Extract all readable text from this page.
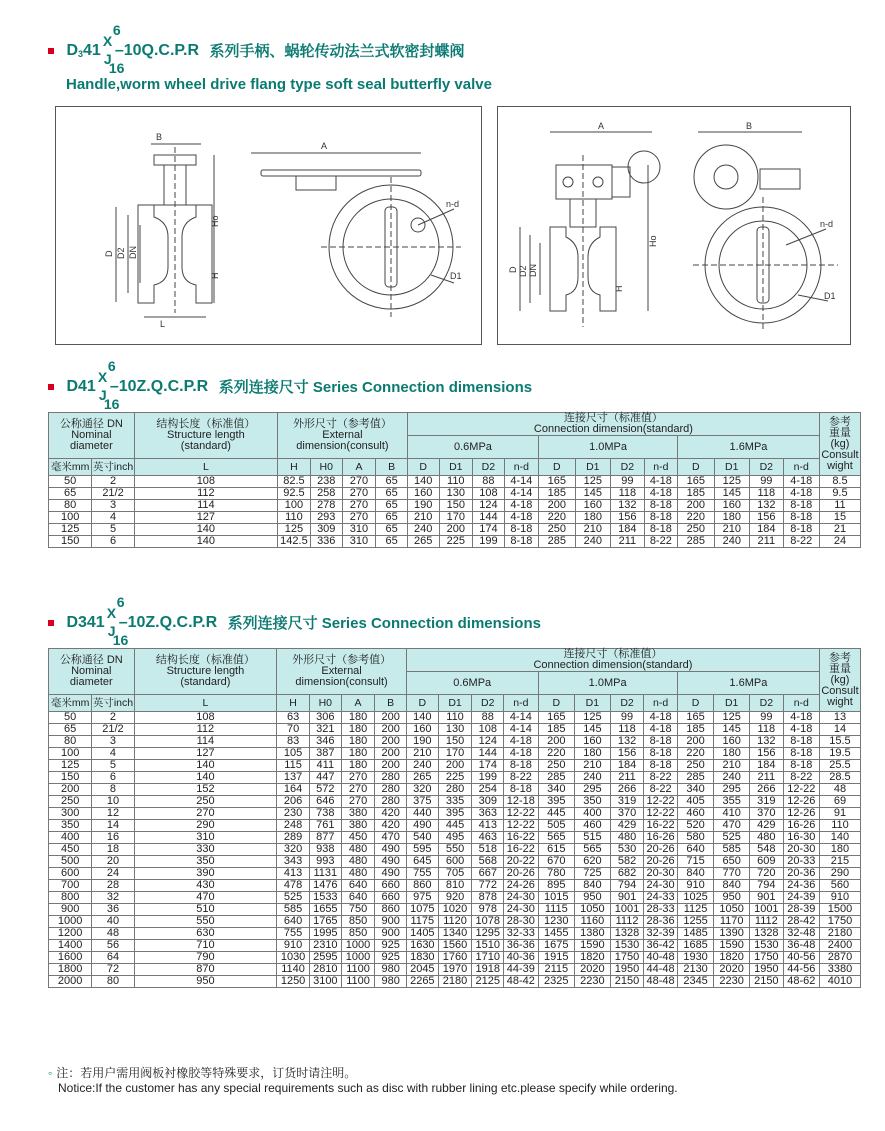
D341
X
J
6
16
–10Q.C.P.R 系列手柄、蜗轮传动法兰式软密封蝶阀
Handle,worm wheel drive flang type soft seal butterfly valve
B
A
Ho
H
L
D D2 DN
n-d
D1
A	B
Ho
H
D D2 DN
n-d
D1
D41
X
J
6
16
–10Z.Q.C.P.R 系列连接尺寸 Series Connection dimensions
公称通径 DN
Nominal
diameter		结构长度（标准值）
Structure length
(standard)	外形尺寸（参考值）
External dimension(consult)				连接尺寸（标准值）
Connection dimension(standard)												参考
重量
(kg)
Consult
wight
							0.6MPa				1.0MPa				1.6MPa				
毫米mm	英寸inch	L	H	H0	A	B	D	D1	D2	n-d	D	D1	D2	n-d	D	D1	D2	n-d	
50	2	108	82.5	238	270	65	140	110	88	4-14	165	125	99	4-18	165	125	99	4-18	8.5
65	21/2	112	92.5	258	270	65	160	130	108	4-14	185	145	118	4-18	185	145	118	4-18	9.5
80	3	114	100	278	270	65	190	150	124	4-18	200	160	132	8-18	200	160	132	8-18	11
100	4	127	110	293	270	65	210	170	144	4-18	220	180	156	8-18	220	180	156	8-18	15
125	5	140	125	309	310	65	240	200	174	8-18	250	210	184	8-18	250	210	184	8-18	21
150	6	140	142.5	336	310	65	265	225	199	8-18	285	240	211	8-22	285	240	211	8-22	24
D341
X
J
6
16
–10Z.Q.C.P.R 系列连接尺寸 Series Connection dimensions
公称通径 DN
Nominal
diameter		结构长度（标准值）
Structure length
(standard)	外形尺寸（参考值）
External dimension(consult)				连接尺寸（标准值）
Connection dimension(standard)												参考
重量
(kg)
Consult
wight
							0.6MPa				1.0MPa				1.6MPa				
毫米mm	英寸inch	L	H	H0	A	B	D	D1	D2	n-d	D	D1	D2	n-d	D	D1	D2	n-d	
50	2	108	63	306	180	200	140	110	88	4-14	165	125	99	4-18	165	125	99	4-18	13
65	21/2	112	70	321	180	200	160	130	108	4-14	185	145	118	4-18	185	145	118	4-18	14
80	3	114	83	346	180	200	190	150	124	4-18	200	160	132	8-18	200	160	132	8-18	15.5
100	4	127	105	387	180	200	210	170	144	4-18	220	180	156	8-18	220	180	156	8-18	19.5
125	5	140	115	411	180	200	240	200	174	8-18	250	210	184	8-18	250	210	184	8-18	25.5
150	6	140	137	447	270	280	265	225	199	8-22	285	240	211	8-22	285	240	211	8-22	28.5
200	8	152	164	572	270	280	320	280	254	8-18	340	295	266	8-22	340	295	266	12-22	48
250	10	250	206	646	270	280	375	335	309	12-18	395	350	319	12-22	405	355	319	12-26	69
300	12	270	230	738	380	420	440	395	363	12-22	445	400	370	12-22	460	410	370	12-26	91
350	14	290	248	761	380	420	490	445	413	12-22	505	460	429	16-22	520	470	429	16-26	110
400	16	310	289	877	450	470	540	495	463	16-22	565	515	480	16-26	580	525	480	16-30	140
450	18	330	320	938	480	490	595	550	518	16-22	615	565	530	20-26	640	585	548	20-30	180
500	20	350	343	993	480	490	645	600	568	20-22	670	620	582	20-26	715	650	609	20-33	215
600	24	390	413	1131	480	490	755	705	667	20-26	780	725	682	20-30	840	770	720	20-36	290
700	28	430	478	1476	640	660	860	810	772	24-26	895	840	794	24-30	910	840	794	24-36	560
800	32	470	525	1533	640	660	975	920	878	24-30	1015	950	901	24-33	1025	950	901	24-39	910
900	36	510	585	1655	750	860	1075	1020	978	24-30	1115	1050	1001	28-33	1125	1050	1001	28-39	1500
1000	40	550	640	1765	850	900	1175	1120	1078	28-30	1230	1160	1112	28-36	1255	1170	1112	28-42	1750
1200	48	630	755	1995	850	900	1405	1340	1295	32-33	1455	1380	1328	32-39	1485	1390	1328	32-48	2180
1400	56	710	910	2310	1000	925	1630	1560	1510	36-36	1675	1590	1530	36-42	1685	1590	1530	36-48	2400
1600	64	790	1030	2595	1000	925	1830	1760	1710	40-36	1915	1820	1750	40-48	1930	1820	1750	40-56	2870
1800	72	870	1140	2810	1100	980	2045	1970	1918	44-39	2115	2020	1950	44-48	2130	2020	1950	44-56	3380
2000	80	950	1250	3100	1100	980	2265	2180	2125	48-42	2325	2230	2150	48-48	2345	2230	2150	48-62	4010
◦ 注：若用户需用阀板衬橡胶等特殊要求，订货时请注明。
Notice:If the customer has any special requirements such as disc with rubber lining etc.please specify while ordering.
